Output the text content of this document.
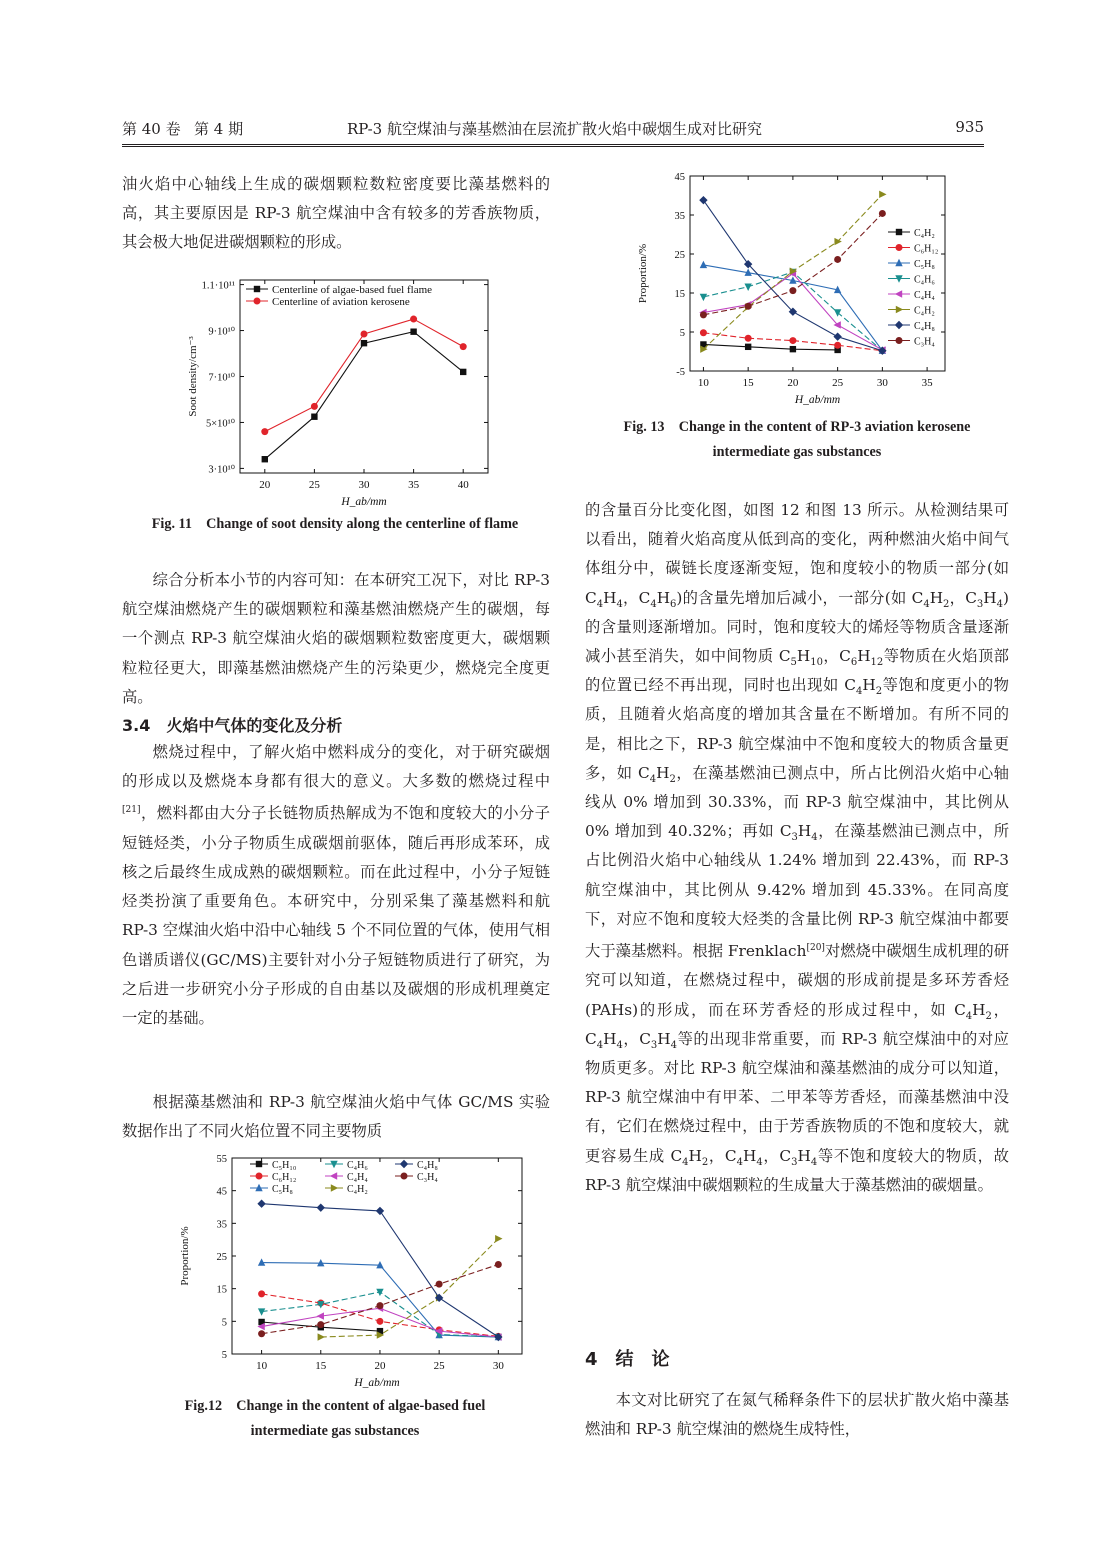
第 40 卷 第 4 期	RP-3 航空煤油与藻基燃油在层流扩散火焰中碳烟生成对比研究	935

油火焰中心轴线上生成的碳烟颗粒数粒密度要比藻基燃料的高，其主要原因是 RP-3 航空煤油中含有较多的芳香族物质，其会极大地促进碳烟颗粒的形成。

20	25	30	35	40
3·10¹⁰
5×10¹⁰
7·10¹⁰
9·10¹⁰
1.1·10¹¹
H_ab/mm
Soot density/cm⁻³
Centerline of algae-based fuel flame
Centerline of aviation kerosene
Fig. 11　Change of soot density along the centerline of flame

综合分析本小节的内容可知：在本研究工况下，对比 RP-3 航空煤油燃烧产生的碳烟颗粒和藻基燃油燃烧产生的碳烟，每一个测点 RP-3 航空煤油火焰的碳烟颗粒数密度更大，碳烟颗粒粒径更大，即藻基燃油燃烧产生的污染更少，燃烧完全度更高。

3.4　火焰中气体的变化及分析

燃烧过程中，了解火焰中燃料成分的变化，对于研究碳烟的形成以及燃烧本身都有很大的意义。大多数的燃烧过程中[21]，燃料都由大分子长链物质热解成为不饱和度较大的小分子短链烃类，小分子物质生成碳烟前驱体，随后再形成苯环，成核之后最终生成成熟的碳烟颗粒。而在此过程中，小分子短链烃类扮演了重要角色。本研究中，分别采集了藻基燃料和航 RP-3 空煤油火焰中沿中心轴线 5 个不同位置的气体，使用气相色谱质谱仪(GC/MS)主要针对小分子短链物质进行了研究，为之后进一步研究小分子形成的自由基以及碳烟的形成机理奠定一定的基础。

根据藻基燃油和 RP-3 航空煤油火焰中气体 GC/MS 实验数据作出了不同火焰位置不同主要物质

10	15	20	25	30
5
5
15
25
35
45
55
H_ab/mm
Proportion/%
C₅H₁₀
C₆H₁₂
C₅H₈
C₄H₆
C₄H₄
C₄H₂
C₄H₈
C₃H₄
Fig.12　Change in the content of algae-based fuel
intermediate gas substances
10	15	20	25	30	35
-5
5
15
25
35
45
H_ab/mm
Proportion/%
C₄H₂
C₆H₁₂
C₅H₈
C₄H₆
C₄H₄
C₄H₂
C₄H₈
C₃H₄
Fig. 13　Change in the content of RP-3 aviation kerosene
intermediate gas substances

的含量百分比变化图，如图 12 和图 13 所示。从检测结果可以看出，随着火焰高度从低到高的变化，两种燃油火焰中间气体组分中，碳链长度逐渐变短，饱和度较小的物质一部分(如 $C_4H_4$，$C_4H_6$)的含量先增加后减小，一部分(如 $C_4H_2$，$C_3H_4$)的含量则逐渐增加。同时，饱和度较大的烯烃等物质含量逐渐减小甚至消失，如中间物质 $C_5H_{10}$，$C_6H_{12}$等物质在火焰顶部的位置已经不再出现，同时也出现如 $C_4H_2$等饱和度更小的物质，且随着火焰高度的增加其含量在不断增加。有所不同的是，相比之下，RP-3 航空煤油中不饱和度较大的物质含量更多，如 $C_4H_2$，在藻基燃油已测点中，所占比例沿火焰中心轴线从 0% 增加到 30.33%，而 RP-3 航空煤油中，其比例从 0% 增加到 40.32%；再如 $C_3H_4$，在藻基燃油已测点中，所占比例沿火焰中心轴线从 1.24% 增加到 22.43%，而 RP-3 航空煤油中，其比例从 9.42% 增加到 45.33%。在同高度下，对应不饱和度较大烃类的含量比例 RP-3 航空煤油中都要大于藻基燃料。根据 Frenklach[20]对燃烧中碳烟生成机理的研究可以知道，在燃烧过程中，碳烟的形成前提是多环芳香烃(PAHs)的形成，而在环芳香烃的形成过程中，如 $C_4H_2$，$C_4H_4$，$C_3H_4$等的出现非常重要，而 RP-3 航空煤油中的对应物质更多。对比 RP-3 航空煤油和藻基燃油的成分可以知道，RP-3 航空煤油中有甲苯、二甲苯等芳香烃，而藻基燃油中没有，它们在燃烧过程中，由于芳香族物质的不饱和度较大，就更容易生成 $C_4H_2$，$C_4H_4$，$C_3H_4$等不饱和度较大的物质，故 RP-3 航空煤油中碳烟颗粒的生成量大于藻基燃油的碳烟量。

4　结　论

本文对比研究了在氮气稀释条件下的层状扩散火焰中藻基燃油和 RP-3 航空煤油的燃烧生成特性，
